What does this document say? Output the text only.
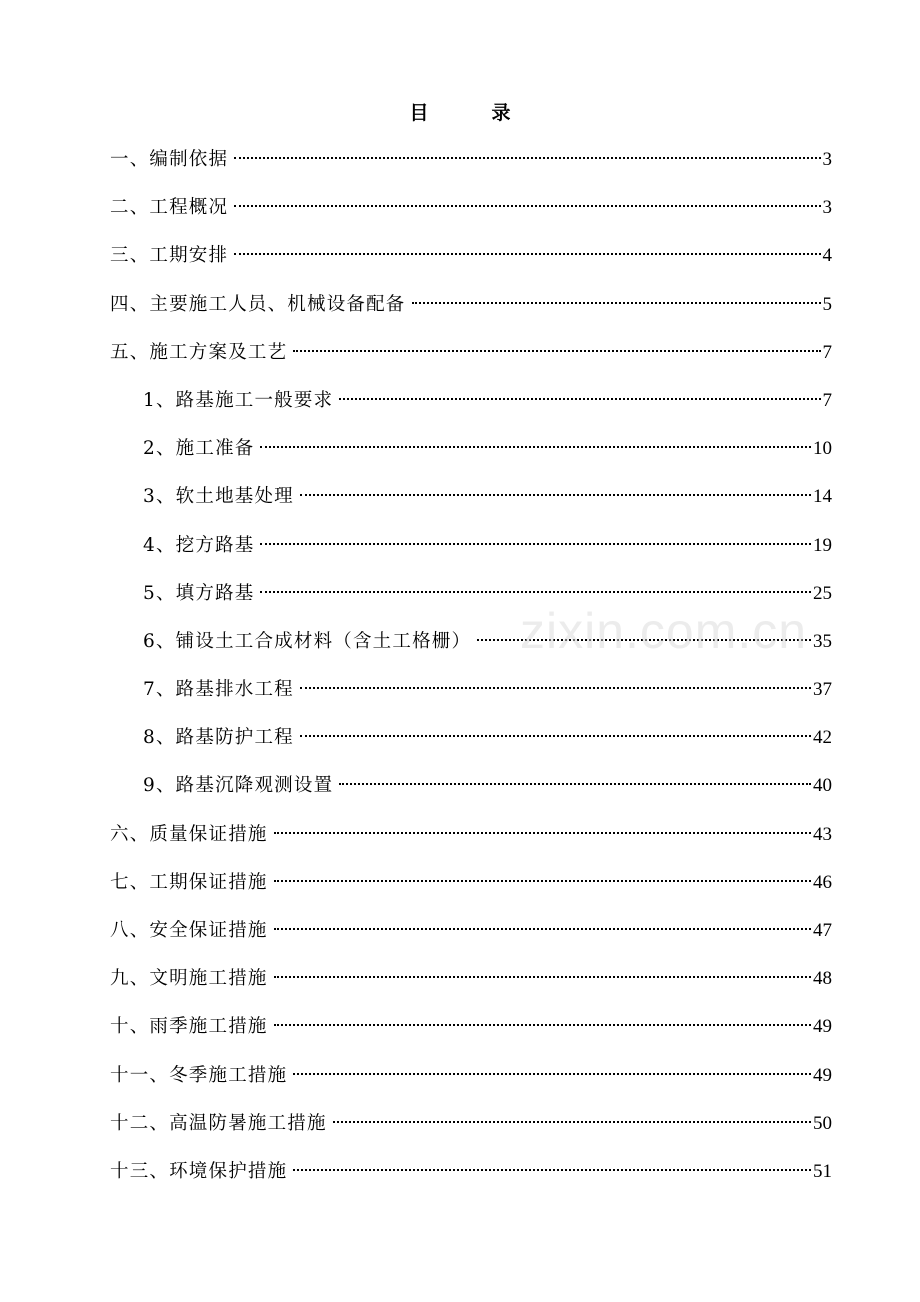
目　录
一、编制依据	3
二、工程概况	3
三、工期安排	4
四、主要施工人员、机械设备配备	5
五、施工方案及工艺	7
1、路基施工一般要求	7
2、施工准备	10
3、软土地基处理	14
4、挖方路基	19
5、填方路基	25
6、铺设土工合成材料（含土工格栅）	35
7、路基排水工程	37
8、路基防护工程	42
9、路基沉降观测设置	40
六、质量保证措施	43
七、工期保证措施	46
八、安全保证措施	47
九、文明施工措施	48
十、雨季施工措施	49
十一、冬季施工措施	49
十二、高温防暑施工措施	50
十三、环境保护措施	51
zixin.com.cn
